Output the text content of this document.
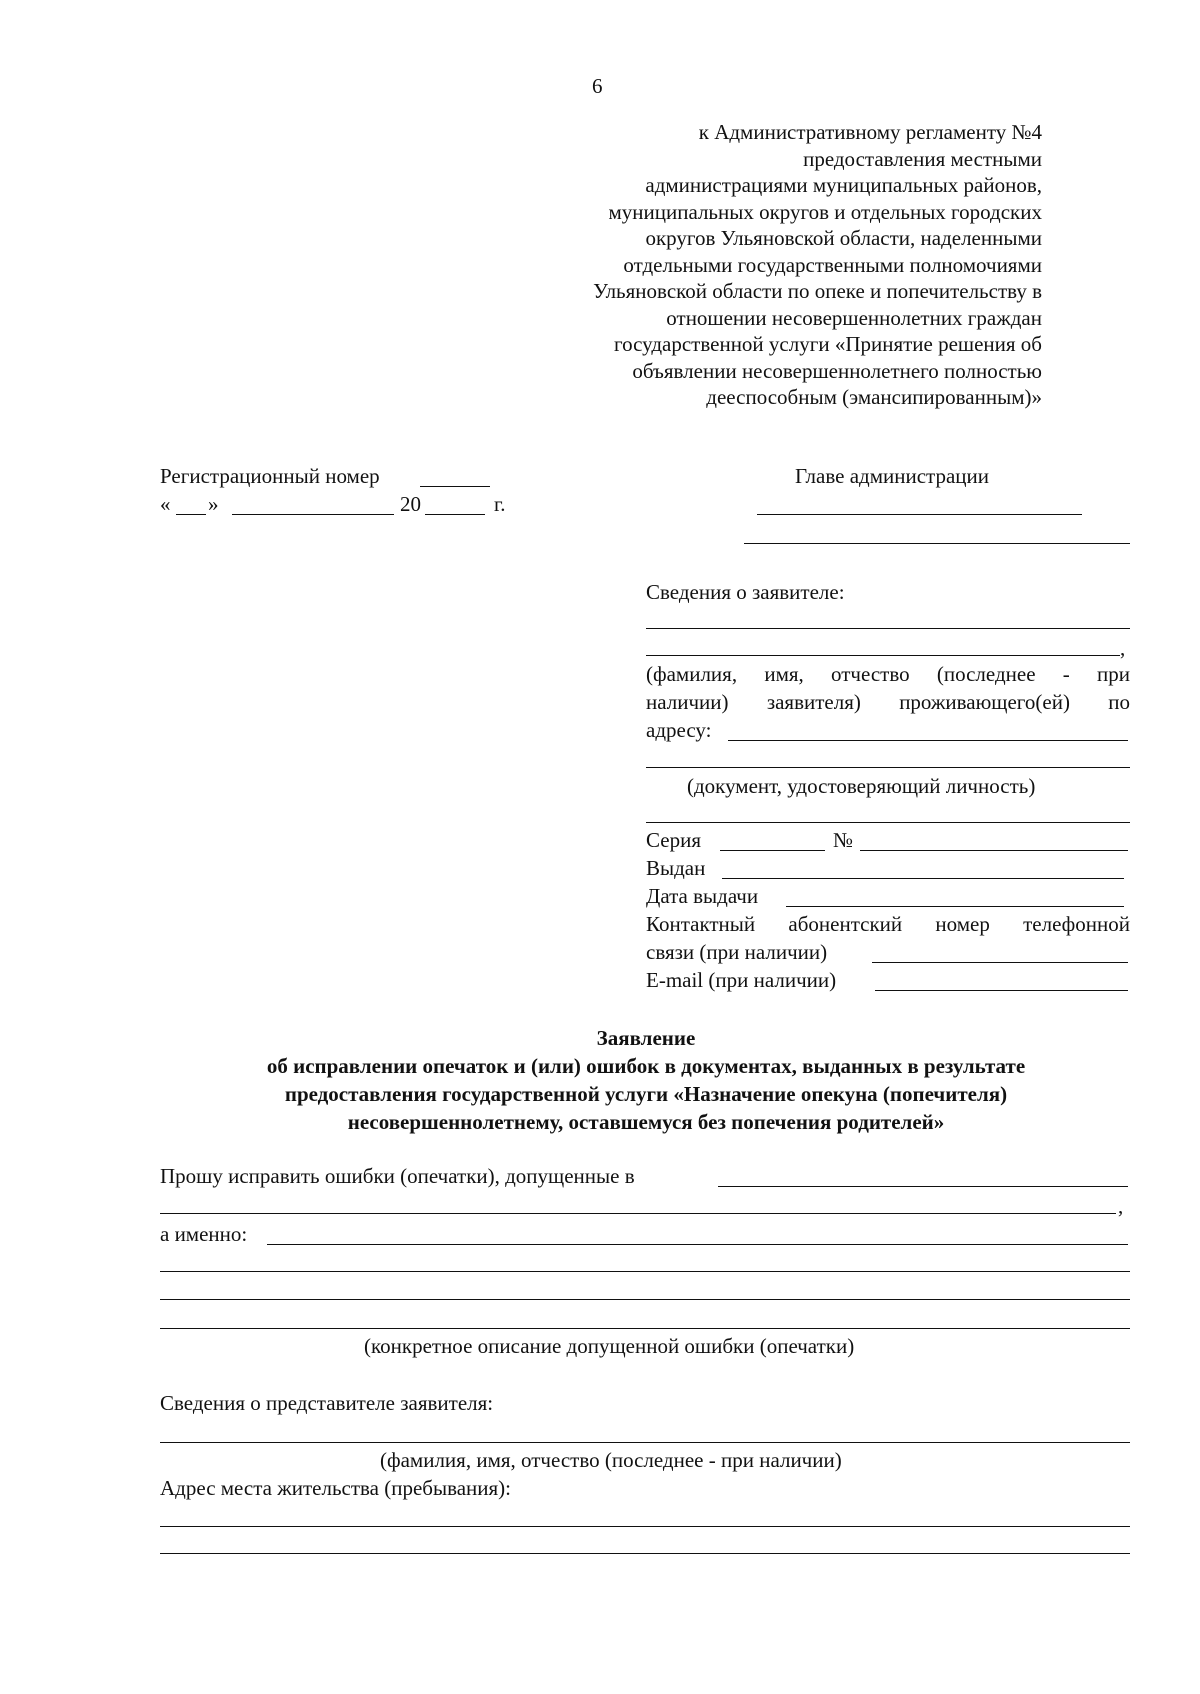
6
к Административному регламенту №4
предоставления местными
администрациями муниципальных районов,
муниципальных округов и отдельных городских
округов Ульяновской области, наделенными
отдельными государственными полномочиями
Ульяновской области по опеке и попечительству в
отношении несовершеннолетних граждан
государственной услуги «Принятие решения об
объявлении несовершеннолетнего полностью
дееспособным (эмансипированным)»
Регистрационный номер
« »	20	г.
Главе администрации
Сведения о заявителе:
,
(фамилия, имя, отчество (последнее - при
наличии) заявителя) проживающего(ей) по
адресу:
(документ, удостоверяющий личность)
Серия	№
Выдан
Дата выдачи
Контактный абонентский номер телефонной
связи (при наличии)
E-mail (при наличии)
Заявление
об исправлении опечаток и (или) ошибок в документах, выданных в результате
предоставления государственной услуги «Назначение опекуна (попечителя)
несовершеннолетнему, оставшемуся без попечения родителей»
Прошу исправить ошибки (опечатки), допущенные в
,
а именно:
(конкретное описание допущенной ошибки (опечатки)
Сведения о представителе заявителя:
(фамилия, имя, отчество (последнее - при наличии)
Адрес места жительства (пребывания):
